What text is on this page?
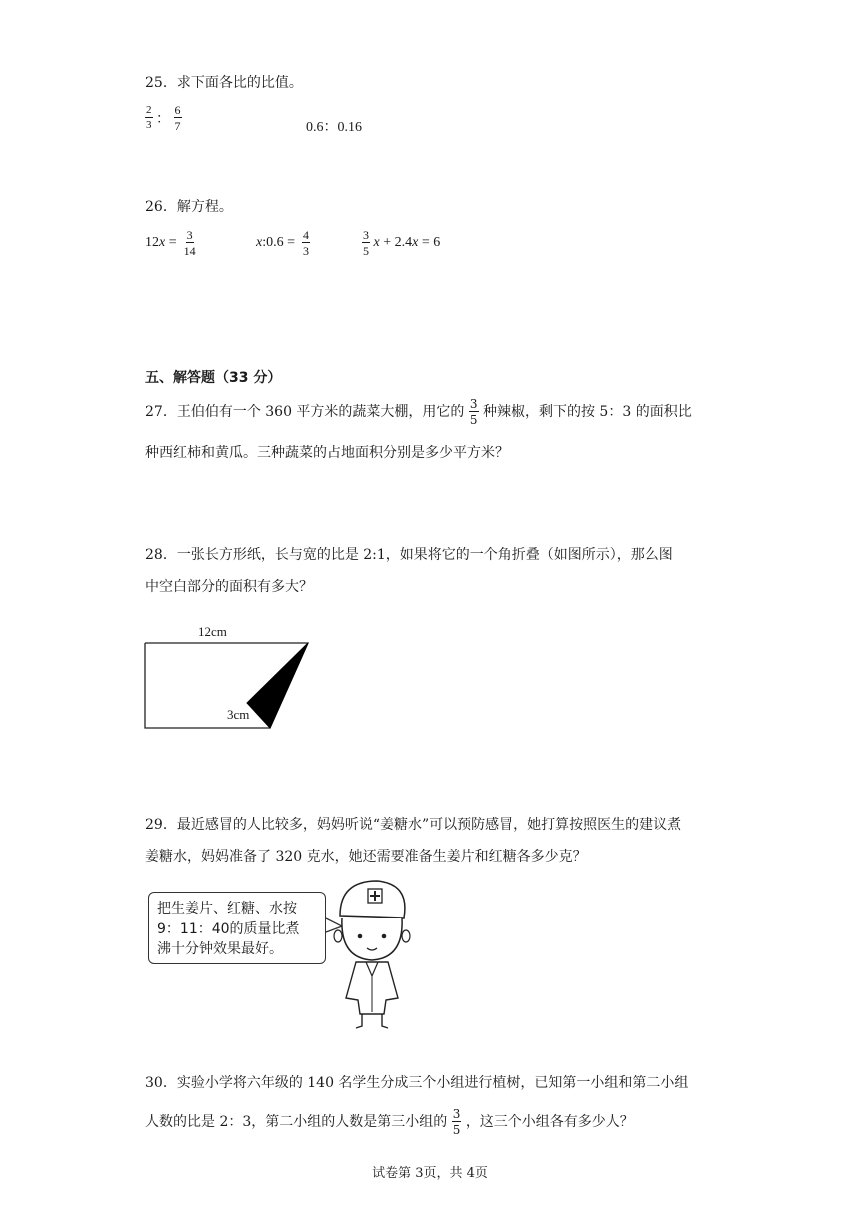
25．求下面各比的比值。
$\frac{2}{3}$ ： $\frac{6}{7}$	0.6：0.16
26．解方程。
$12x = \frac{3}{14}$	x:0.6 = $\frac{4}{3}$	$\frac{3}{5}$ x + 2.4x = 6
五、解答题（33 分）
27．王伯伯有一个 360 平方米的蔬菜大棚，用它的 $\frac{3}{5}$ 种辣椒，剩下的按 5：3 的面积比
种西红柿和黄瓜。三种蔬菜的占地面积分别是多少平方米？
28．一张长方形纸，长与宽的比是 2:1，如果将它的一个角折叠（如图所示），那么图
中空白部分的面积有多大？
12cm
3cm
29．最近感冒的人比较多，妈妈听说“姜糖水”可以预防感冒，她打算按照医生的建议煮
姜糖水，妈妈准备了 320 克水，她还需要准备生姜片和红糖各多少克？
把生姜片、红糖、水按
9：11：40的质量比煮
沸十分钟效果最好。
30．实验小学将六年级的 140 名学生分成三个小组进行植树，已知第一小组和第二小组
人数的比是 2：3，第二小组的人数是第三小组的 $\frac{3}{5}$ ，这三个小组各有多少人？
试卷第 3页，共 4页
